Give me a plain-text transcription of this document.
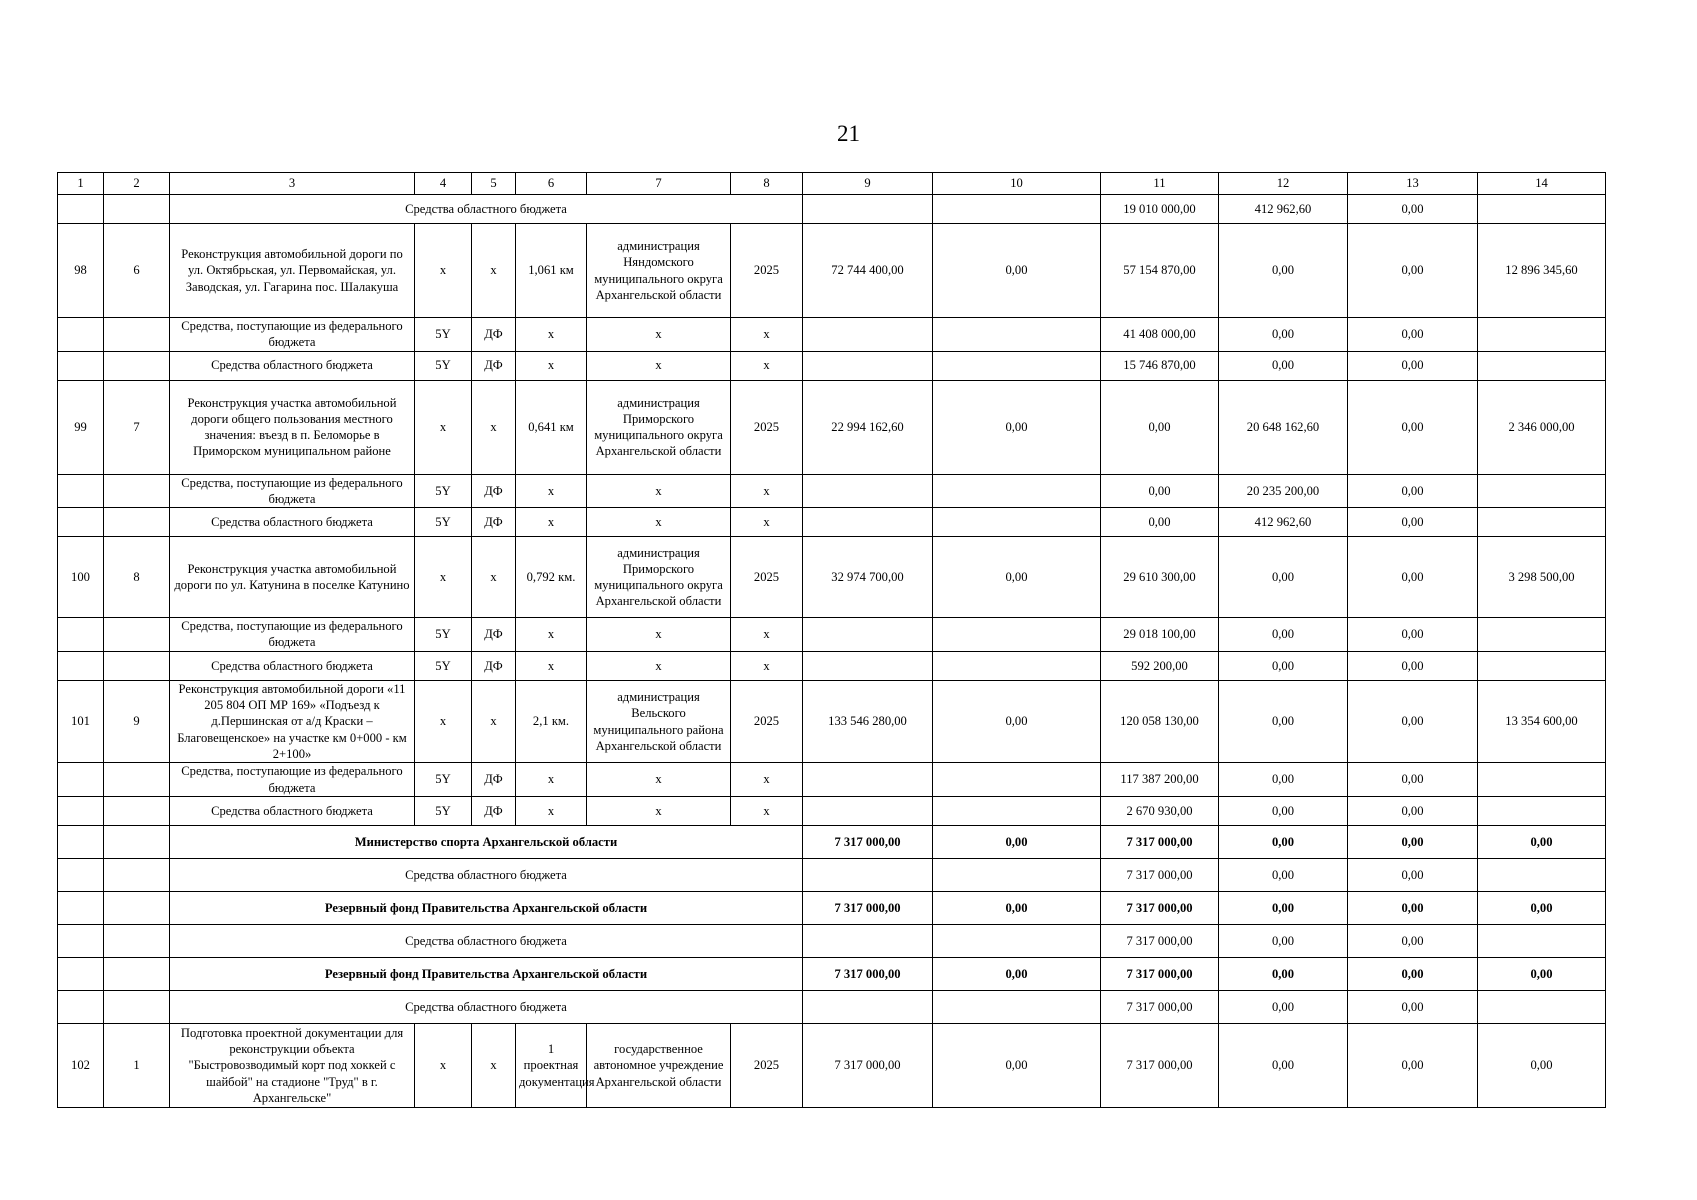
21
1	2	3	4	5	6	7	8	9	10	11	12	13	14
		Средства областного бюджета								19 010 000,00	412 962,60	0,00	
98	6	Реконструкция автомобильной дороги по ул. Октябрьская, ул. Первомайская, ул. Заводская, ул. Гагарина пос. Шалакуша	х	х	1,061 км	администрация Няндомского муниципального округа Архангельской области	2025	72 744 400,00	0,00	57 154 870,00	0,00	0,00	12 896 345,60
		Средства, поступающие из федерального бюджета	5Y	ДФ	х	х	х			41 408 000,00	0,00	0,00	
		Средства областного бюджета	5Y	ДФ	х	х	х			15 746 870,00	0,00	0,00	
99	7	Реконструкция участка автомобильной дороги общего пользования местного значения: въезд в п. Беломорье в Приморском муниципальном районе	х	х	0,641 км	администрация Приморского муниципального округа Архангельской области	2025	22 994 162,60	0,00	0,00	20 648 162,60	0,00	2 346 000,00
		Средства, поступающие из федерального бюджета	5Y	ДФ	х	х	х			0,00	20 235 200,00	0,00	
		Средства областного бюджета	5Y	ДФ	х	х	х			0,00	412 962,60	0,00	
100	8	Реконструкция участка автомобильной дороги по ул. Катунина в поселке Катунино	х	х	0,792 км.	администрация Приморского муниципального округа Архангельской области	2025	32 974 700,00	0,00	29 610 300,00	0,00	0,00	3 298 500,00
		Средства, поступающие из федерального бюджета	5Y	ДФ	х	х	х			29 018 100,00	0,00	0,00	
		Средства областного бюджета	5Y	ДФ	х	х	х			592 200,00	0,00	0,00	
101	9	Реконструкция автомобильной дороги «11 205 804 ОП МР 169» «Подъезд к д.Першинская от а/д Краски – Благовещенское» на участке км 0+000 - км 2+100»	х	х	2,1 км.	администрация Вельского муниципального района Архангельской области	2025	133 546 280,00	0,00	120 058 130,00	0,00	0,00	13 354 600,00
		Средства, поступающие из федерального бюджета	5Y	ДФ	х	х	х			117 387 200,00	0,00	0,00	
		Средства областного бюджета	5Y	ДФ	х	х	х			2 670 930,00	0,00	0,00	
		Министерство спорта Архангельской области						7 317 000,00	0,00	7 317 000,00	0,00	0,00	0,00
		Средства областного бюджета								7 317 000,00	0,00	0,00	
		Резервный фонд Правительства Архангельской области						7 317 000,00	0,00	7 317 000,00	0,00	0,00	0,00
		Средства областного бюджета								7 317 000,00	0,00	0,00	
		Резервный фонд Правительства Архангельской области						7 317 000,00	0,00	7 317 000,00	0,00	0,00	0,00
		Средства областного бюджета								7 317 000,00	0,00	0,00	
102	1	Подготовка проектной документации для реконструкции объекта "Быстровозводимый корт под хоккей с шайбой" на стадионе "Труд" в г. Архангельске"	х	х	1 проектная документация	государственное автономное учреждение Архангельской области	2025	7 317 000,00	0,00	7 317 000,00	0,00	0,00	0,00
